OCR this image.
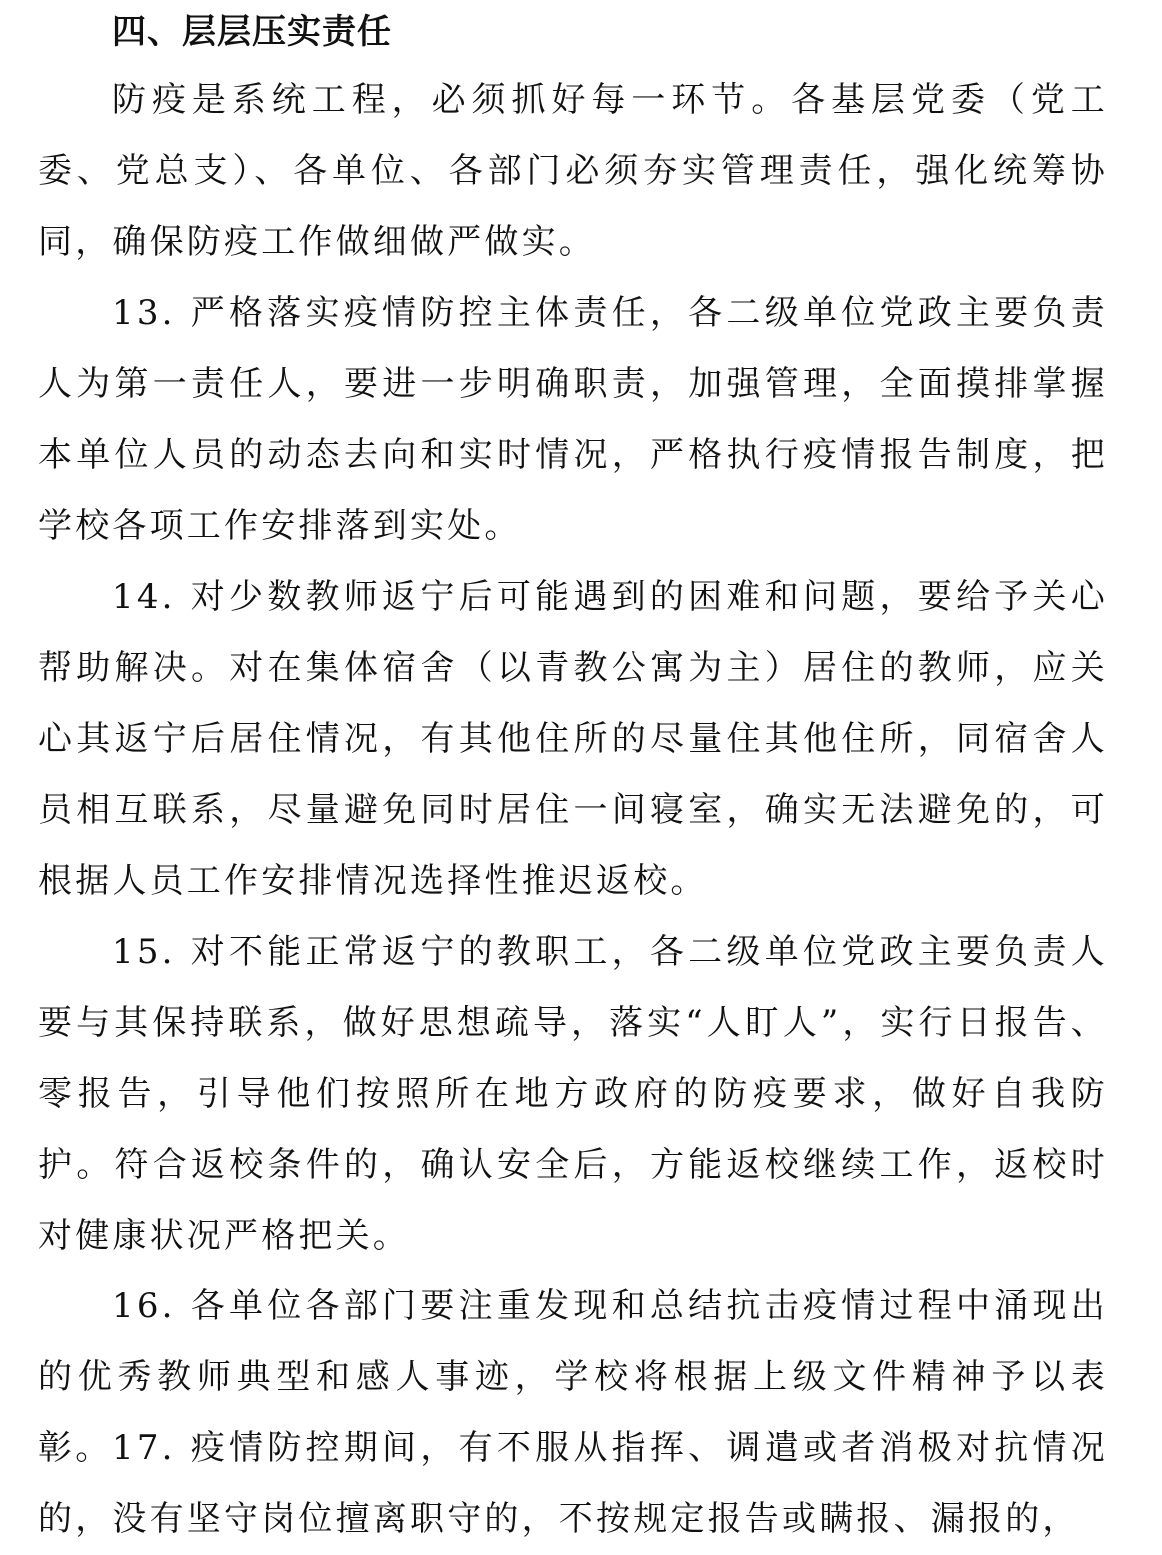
四、层层压实责任

防疫是系统工程，必须抓好每一环节。各基层党委（党工委、党总支）、各单位、各部门必须夯实管理责任，强化统筹协同，确保防疫工作做细做严做实。

13. 严格落实疫情防控主体责任，各二级单位党政主要负责人为第一责任人，要进一步明确职责，加强管理，全面摸排掌握本单位人员的动态去向和实时情况，严格执行疫情报告制度，把学校各项工作安排落到实处。

14. 对少数教师返宁后可能遇到的困难和问题，要给予关心帮助解决。对在集体宿舍（以青教公寓为主）居住的教师，应关心其返宁后居住情况，有其他住所的尽量住其他住所，同宿舍人员相互联系，尽量避免同时居住一间寝室，确实无法避免的，可根据人员工作安排情况选择性推迟返校。

15. 对不能正常返宁的教职工，各二级单位党政主要负责人要与其保持联系，做好思想疏导，落实“人盯人”，实行日报告、零报告，引导他们按照所在地方政府的防疫要求，做好自我防护。符合返校条件的，确认安全后，方能返校继续工作，返校时对健康状况严格把关。

16. 各单位各部门要注重发现和总结抗击疫情过程中涌现出的优秀教师典型和感人事迹，学校将根据上级文件精神予以表彰。 17. 疫情防控期间，有不服从指挥、调遣或者消极对抗情况的，没有坚守岗位擅离职守的，不按规定报告或瞒报、漏报的，
